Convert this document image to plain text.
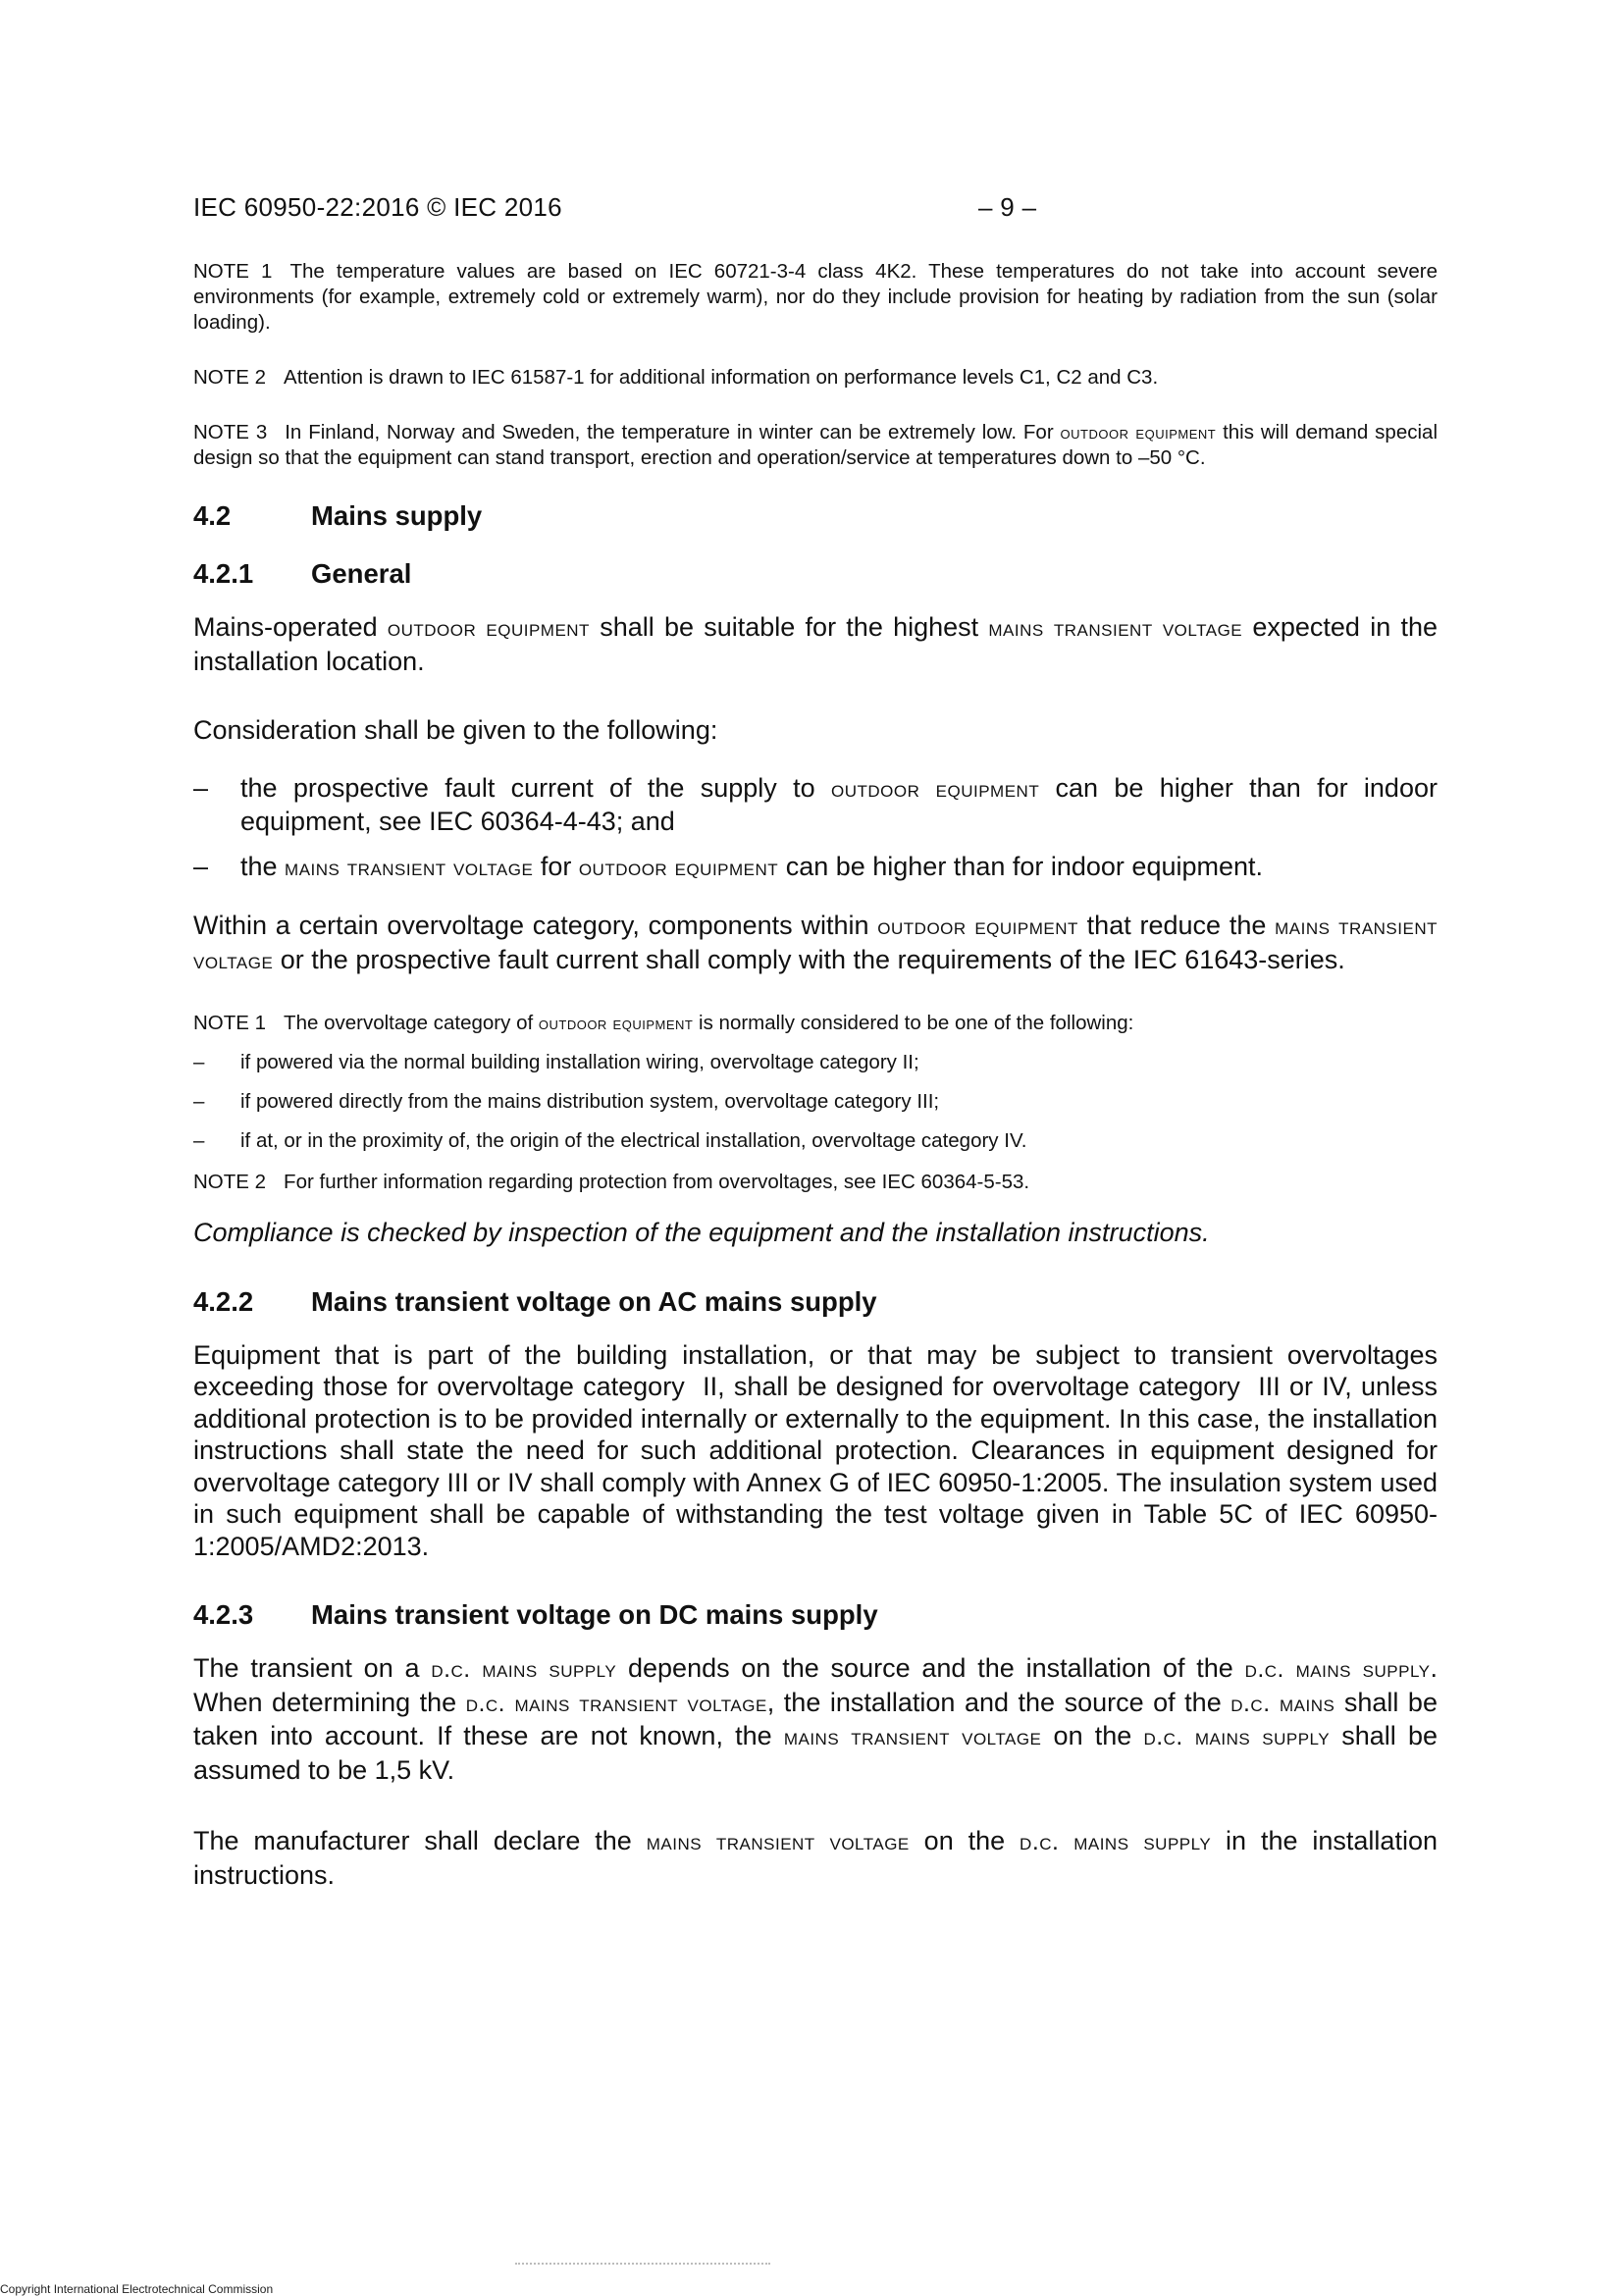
IEC 60950-22:2016 © IEC 2016	– 9 –

NOTE 1 The temperature values are based on IEC 60721-3-4 class 4K2. These temperatures do not take into account severe environments (for example, extremely cold or extremely warm), nor do they include provision for heating by radiation from the sun (solar loading).

NOTE 2 Attention is drawn to IEC 61587-1 for additional information on performance levels C1, C2 and C3.

NOTE 3 In Finland, Norway and Sweden, the temperature in winter can be extremely low. For outdoor equipment this will demand special design so that the equipment can stand transport, erection and operation/service at temperatures down to –50 °C.

4.2	Mains supply
4.2.1 General

Mains-operated outdoor equipment shall be suitable for the highest mains transient voltage expected in the installation location.

Consideration shall be given to the following:

– the prospective fault current of the supply to outdoor equipment can be higher than for indoor equipment, see IEC 60364-4-43; and
– the mains transient voltage for outdoor equipment can be higher than for indoor equipment.

Within a certain overvoltage category, components within outdoor equipment that reduce the mains transient voltage or the prospective fault current shall comply with the requirements of the IEC 61643-series.

NOTE 1 The overvoltage category of outdoor equipment is normally considered to be one of the following:

– if powered via the normal building installation wiring, overvoltage category II;
– if powered directly from the mains distribution system, overvoltage category III;
– if at, or in the proximity of, the origin of the electrical installation, overvoltage category IV.

NOTE 2 For further information regarding protection from overvoltages, see IEC 60364-5-53.

Compliance is checked by inspection of the equipment and the installation instructions.

4.2.2 Mains transient voltage on AC mains supply

Equipment that is part of the building installation, or that may be subject to transient overvoltages exceeding those for overvoltage category  II, shall be designed for overvoltage category  III or IV, unless additional protection is to be provided internally or externally to the equipment. In this case, the installation instructions shall state the need for such additional protection. Clearances in equipment designed for overvoltage category III or IV shall comply with Annex G of IEC 60950-1:2005. The insulation system used in such equipment shall be capable of withstanding the test voltage given in Table 5C of IEC 60950-1:2005/AMD2:2013.

4.2.3 Mains transient voltage on DC mains supply

The transient on a d.c. mains supply depends on the source and the installation of the d.c. mains supply. When determining the d.c. mains transient voltage, the installation and the source of the d.c. mains shall be taken into account. If these are not known, the mains transient voltage on the d.c. mains supply shall be assumed to be 1,5 kV.

The manufacturer shall declare the mains transient voltage on the d.c. mains supply in the installation instructions.

Copyright International Electrotechnical Commission
